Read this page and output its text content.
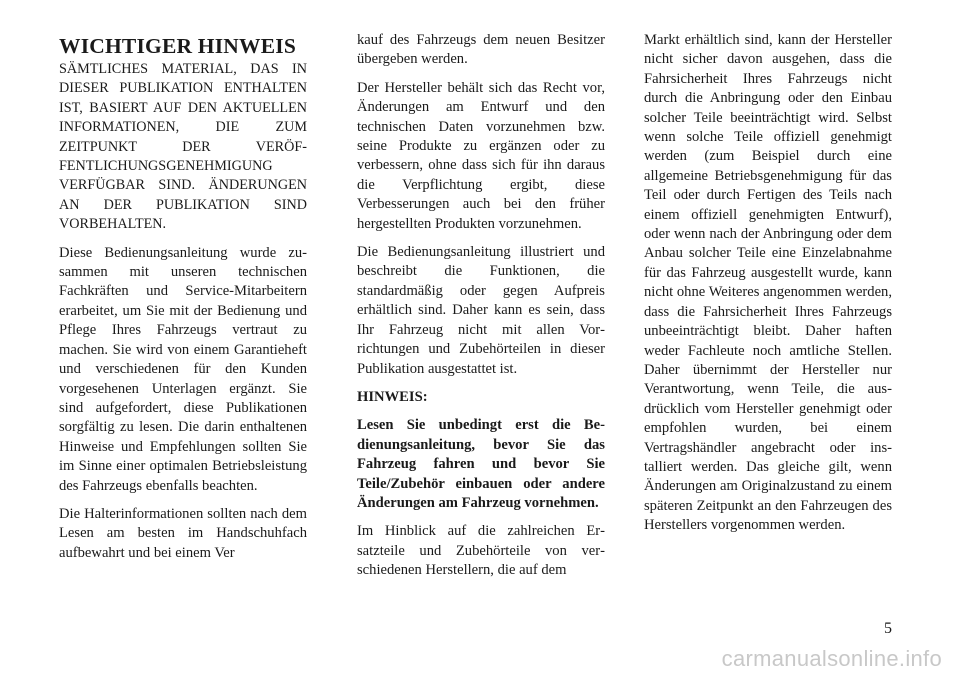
WICHTIGER HINWEIS

SÄMTLICHES MATERIAL, DAS IN DIESER PUBLIKATION ENTHALTEN IST, BASIERT AUF DEN AKTUELLEN INFORMATIONEN, DIE ZUM ZEITPUNKT DER VERÖFFENTLICHUNGSGENEHMIGUNG VERFÜGBAR SIND. ÄNDERUNGEN AN DER PUBLIKATION SIND VORBEHALTEN.

Diese Bedienungsanleitung wurde zusammen mit unseren technischen Fachkräften und Service-Mitarbeitern erarbeitet, um Sie mit der Bedienung und Pflege Ihres Fahrzeugs vertraut zu machen. Sie wird von einem Garantieheft und verschiedenen für den Kunden vorgesehenen Unterlagen ergänzt. Sie sind aufgefordert, diese Publikationen sorgfältig zu lesen. Die darin enthaltenen Hinweise und Empfehlungen sollten Sie im Sinne einer optimalen Betriebsleistung des Fahrzeugs ebenfalls beachten.

Die Halterinformationen sollten nach dem Lesen am besten im Handschuhfach aufbewahrt und bei einem Ver

kauf des Fahrzeugs dem neuen Besitzer übergeben werden.

Der Hersteller behält sich das Recht vor, Änderungen am Entwurf und den technischen Daten vorzunehmen bzw. seine Produkte zu ergänzen oder zu verbessern, ohne dass sich für ihn daraus die Verpflichtung ergibt, diese Verbesserungen auch bei den früher hergestellten Produkten vorzunehmen.

Die Bedienungsanleitung illustriert und beschreibt die Funktionen, die standardmäßig oder gegen Aufpreis erhältlich sind. Daher kann es sein, dass Ihr Fahrzeug nicht mit allen Vorrichtungen und Zubehörteilen in dieser Publikation ausgestattet ist.

HINWEIS:

Lesen Sie unbedingt erst die Bedienungsanleitung, bevor Sie das Fahrzeug fahren und bevor Sie Teile/Zubehör einbauen oder andere Änderungen am Fahrzeug vornehmen.

Im Hinblick auf die zahlreichen Ersatzteile und Zubehörteile von verschiedenen Herstellern, die auf dem

Markt erhältlich sind, kann der Hersteller nicht sicher davon ausgehen, dass die Fahrsicherheit Ihres Fahrzeugs nicht durch die Anbringung oder den Einbau solcher Teile beeinträchtigt wird. Selbst wenn solche Teile offiziell genehmigt werden (zum Beispiel durch eine allgemeine Betriebsgenehmigung für das Teil oder durch Fertigen des Teils nach einem offiziell genehmigten Entwurf), oder wenn nach der Anbringung oder dem Anbau solcher Teile eine Einzelabnahme für das Fahrzeug ausgestellt wurde, kann nicht ohne Weiteres angenommen werden, dass die Fahrsicherheit Ihres Fahrzeugs unbeeinträchtigt bleibt. Daher haften weder Fachleute noch amtliche Stellen. Daher übernimmt der Hersteller nur Verantwortung, wenn Teile, die ausdrücklich vom Hersteller genehmigt oder empfohlen wurden, bei einem Vertragshändler angebracht oder installiert werden. Das gleiche gilt, wenn Änderungen am Originalzustand zu einem späteren Zeitpunkt an den Fahrzeugen des Herstellers vorgenommen werden.

5
carmanualsonline.info
